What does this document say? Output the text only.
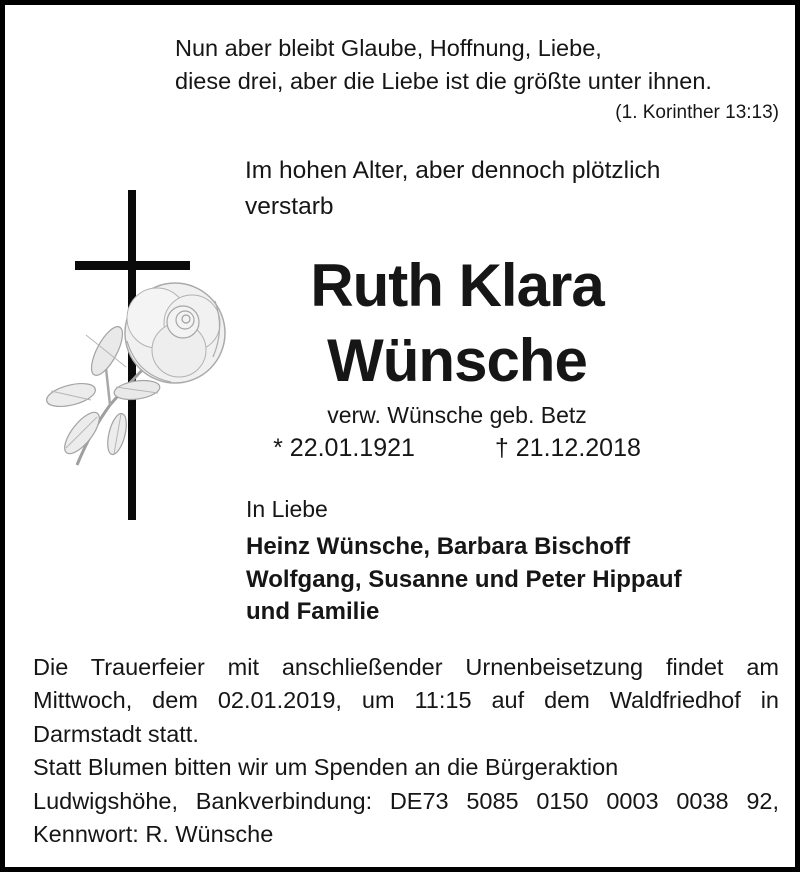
Nun aber bleibt Glaube, Hoffnung, Liebe,
diese drei, aber die Liebe ist die größte unter ihnen.
(1. Korinther 13:13)
Im hohen Alter, aber dennoch plötzlich
verstarb
Ruth Klara
Wünsche
verw. Wünsche geb. Betz
* 22.01.1921	† 21.12.2018
In Liebe
Heinz Wünsche, Barbara Bischoff
Wolfgang, Susanne und Peter Hippauf
und Familie
Die Trauerfeier mit anschließender Urnenbeisetzung findet am
Mittwoch, dem 02.01.2019, um 11:15 auf dem Waldfriedhof in
Darmstadt statt.
Statt Blumen bitten wir um Spenden an die Bürgeraktion
Ludwigshöhe, Bankverbindung: DE73 5085 0150 0003 0038 92,
Kennwort: R. Wünsche
